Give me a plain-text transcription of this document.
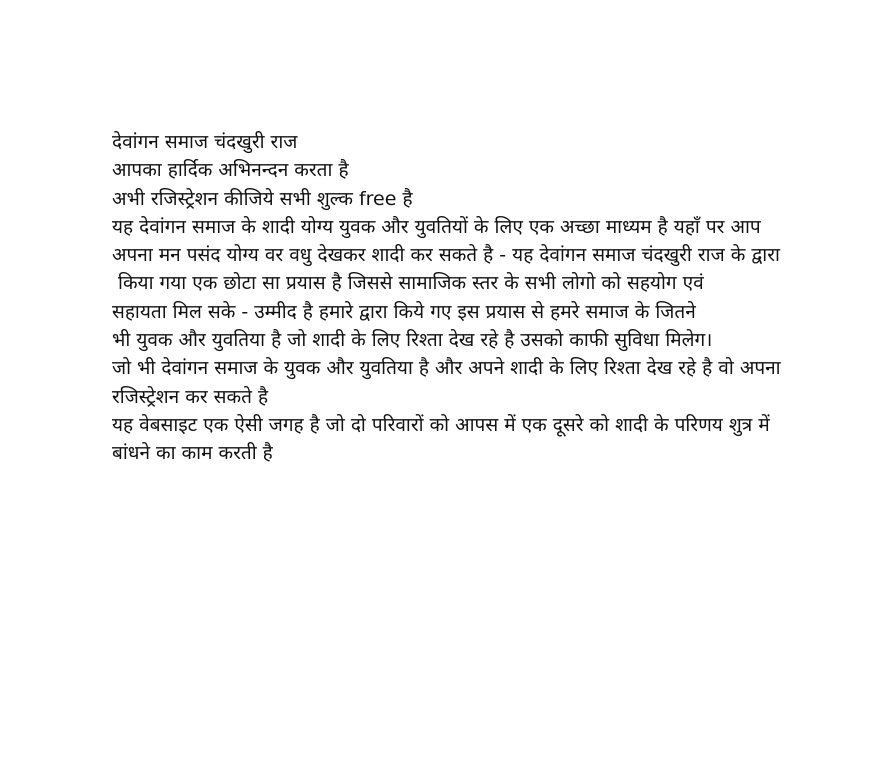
देवांगन समाज चंदखुरी राज

आपका हार्दिक अभिनन्दन करता है

अभी रजिस्ट्रेशन कीजिये सभी शुल्क free है

यह देवांगन समाज के शादी योग्य युवक और युवतियों के लिए एक अच्छा माध्यम है यहाँ पर आप

अपना मन पसंद योग्य वर वधु देखकर शादी कर सकते है - यह देवांगन समाज चंदखुरी राज के द्वारा

किया गया एक छोटा सा प्रयास है जिससे सामाजिक स्तर के सभी लोगो को सहयोग एवं

सहायता मिल सके - उम्मीद है हमारे द्वारा किये गए इस प्रयास से हमरे समाज के जितने

भी युवक और युवतिया है जो शादी के लिए रिश्ता देख रहे है उसको काफी सुविधा मिलेग।

जो भी देवांगन समाज के युवक और युवतिया है और अपने शादी के लिए रिश्ता देख रहे है वो अपना रजिस्ट्रेशन कर सकते है

यह वेबसाइट एक ऐसी जगह है जो दो परिवारों को आपस में एक दूसरे को शादी के परिणय शुत्र में बांधने का काम करती है
